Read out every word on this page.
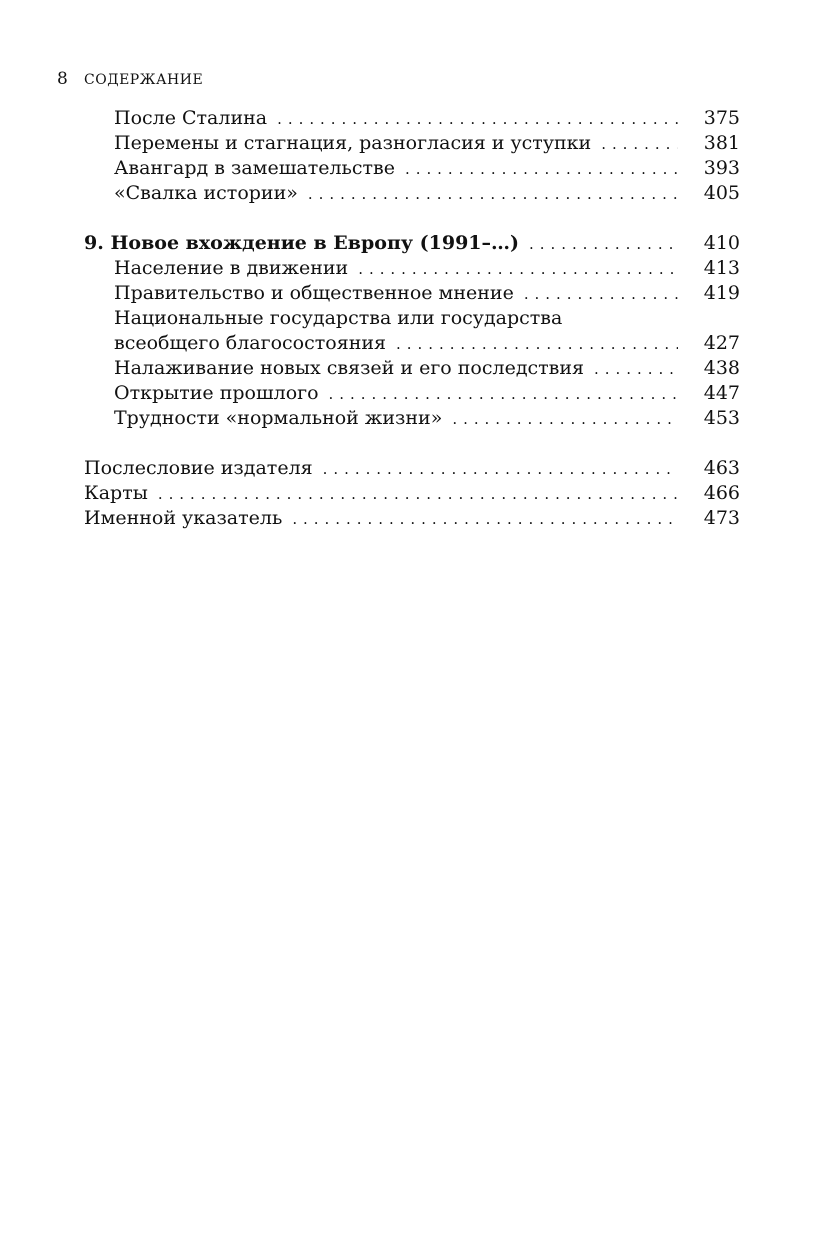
8 СОДЕРЖАНИЕ
После Сталина . . .	375
Перемены и стагнация, разногласия и уступки . . .	381
Авангард в замешательстве . . .	393
«Свалка истории» . . .	405
9. Новое вхождение в Европу (1991–…) . . .	410
Население в движении . . .	413
Правительство и общественное мнение . . .	419
Национальные государства или государства
всеобщего благосостояния . . .	427
Налаживание новых связей и его последствия . . .	438
Открытие прошлого . . .	447
Трудности «нормальной жизни» . . .	453
Послесловие издателя . . .	463
Карты . . .	466
Именной указатель . . .	473
